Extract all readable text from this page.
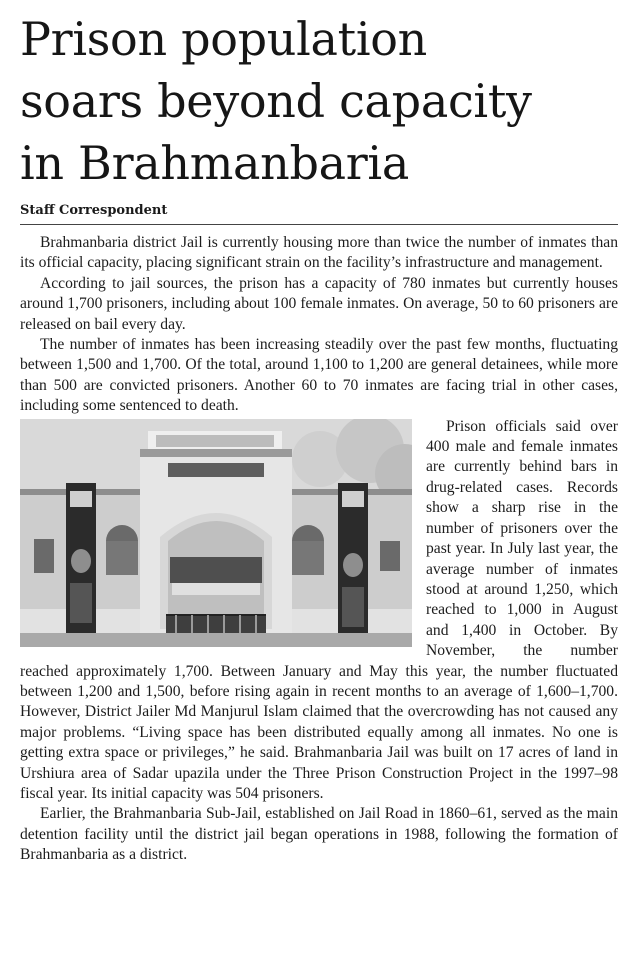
Prison population
soars beyond capacity
in Brahmanbaria
Staff Correspondent

Brahmanbaria district Jail is currently housing more than twice the number of inmates than its official capacity, placing significant strain on the facility’s infrastructure and management.

According to jail sources, the prison has a capacity of 780 inmates but currently houses around 1,700 prisoners, including about 100 female inmates. On average, 50 to 60 prisoners are released on bail every day.

The number of inmates has been increasing steadily over the past few months, fluctuating between 1,500 and 1,700. Of the total, around 1,100 to 1,200 are general detainees, while more than 500 are convicted prisoners. Another 60 to 70 inmates are facing trial in other cases, including some sentenced to death.

Prison officials said over 400 male and female inmates are currently behind bars in drug-related cases. Records show a sharp rise in the number of prisoners over the past year. In July last year, the average number of inmates stood at around 1,250, which reached to 1,000 in August and 1,400 in October. By November, the number reached approximately 1,700. Between January and May this year, the number fluctuated between 1,200 and 1,500, before rising again in recent months to an average of 1,600–1,700. However, District Jailer Md Manjurul Islam claimed that the overcrowding has not caused any major problems. “Living space has been distributed equally among all inmates. No one is getting extra space or privileges,” he said. Brahmanbaria Jail was built on 17 acres of land in Urshiura area of Sadar upazila under the Three Prison Construction Project in the 1997–98 fiscal year. Its initial capacity was 504 prisoners.

Earlier, the Brahmanbaria Sub-Jail, established on Jail Road in 1860–61, served as the main detention facility until the district jail began operations in 1988, following the formation of Brahmanbaria as a district.
